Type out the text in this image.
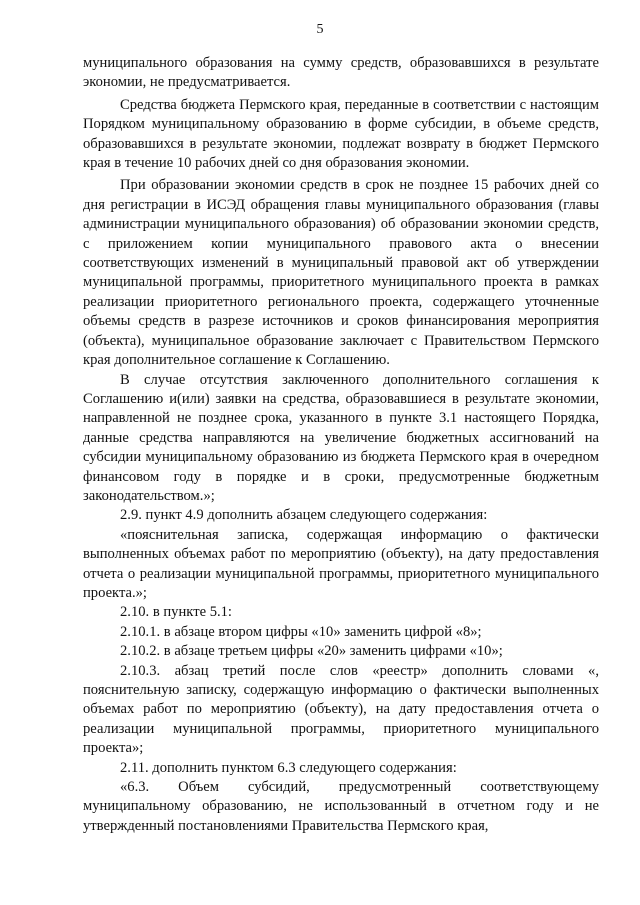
5

муниципального образования на сумму средств, образовавшихся в результате экономии, не предусматривается.

Средства бюджета Пермского края, переданные в соответствии с настоящим Порядком муниципальному образованию в форме субсидии, в объеме средств, образовавшихся в результате экономии, подлежат возврату в бюджет Пермского края в течение 10 рабочих дней со дня образования экономии.

При образовании экономии средств в срок не позднее 15 рабочих дней со дня регистрации в ИСЭД обращения главы муниципального образования (главы администрации муниципального образования) об образовании экономии средств, с приложением копии муниципального правового акта о внесении соответствующих изменений в муниципальный правовой акт об утверждении муниципальной программы, приоритетного муниципального проекта в рамках реализации приоритетного регионального проекта, содержащего уточненные объемы средств в разрезе источников и сроков финансирования мероприятия (объекта), муниципальное образование заключает с Правительством Пермского края дополнительное соглашение к Соглашению.

В случае отсутствия заключенного дополнительного соглашения к Соглашению и(или) заявки на средства, образовавшиеся в результате экономии, направленной не позднее срока, указанного в пункте 3.1 настоящего Порядка, данные средства направляются на увеличение бюджетных ассигнований на субсидии муниципальному образованию из бюджета Пермского края в очередном финансовом году в порядке и в сроки, предусмотренные бюджетным законодательством.»;

2.9. пункт 4.9 дополнить абзацем следующего содержания:

«пояснительная записка, содержащая информацию о фактически выполненных объемах работ по мероприятию (объекту), на дату предоставления отчета о реализации муниципальной программы, приоритетного муниципального проекта.»;

2.10. в пункте 5.1:

2.10.1. в абзаце втором цифры «10» заменить цифрой «8»;

2.10.2. в абзаце третьем цифры «20» заменить цифрами «10»;

2.10.3. абзац третий после слов «реестр» дополнить словами «, пояснительную записку, содержащую информацию о фактически выполненных объемах работ по мероприятию (объекту), на дату предоставления отчета о реализации муниципальной программы, приоритетного муниципального проекта»;

2.11. дополнить пунктом 6.3 следующего содержания:

«6.3. Объем субсидий, предусмотренный соответствующему муниципальному образованию, не использованный в отчетном году и не утвержденный постановлениями Правительства Пермского края,
